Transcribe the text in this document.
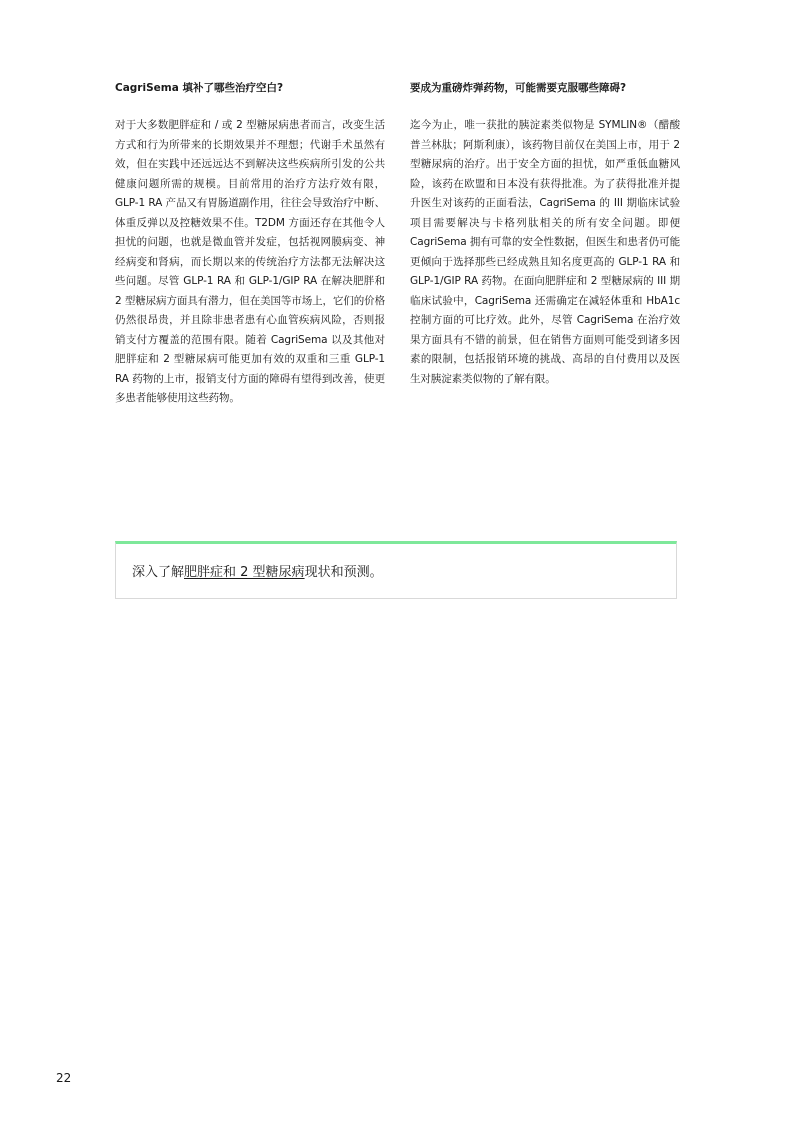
CagriSema 填补了哪些治疗空白?

对于大多数肥胖症和 / 或 2 型糖尿病患者而言，改变生活方式和行为所带来的长期效果并不理想；代谢手术虽然有效，但在实践中还远远达不到解决这些疾病所引发的公共健康问题所需的规模。目前常用的治疗方法疗效有限，GLP-1 RA 产品又有胃肠道副作用，往往会导致治疗中断、体重反弹以及控糖效果不佳。T2DM 方面还存在其他令人担忧的问题，也就是微血管并发症，包括视网膜病变、神经病变和肾病，而长期以来的传统治疗方法都无法解决这些问题。尽管 GLP-1 RA 和 GLP-1/GIP RA 在解决肥胖和 2 型糖尿病方面具有潜力，但在美国等市场上，它们的价格仍然很昂贵，并且除非患者患有心血管疾病风险，否则报销支付方覆盖的范围有限。随着 CagriSema 以及其他对肥胖症和 2 型糖尿病可能更加有效的双重和三重 GLP-1 RA 药物的上市，报销支付方面的障碍有望得到改善，使更多患者能够使用这些药物。

要成为重磅炸弹药物，可能需要克服哪些障碍?

迄今为止，唯一获批的胰淀素类似物是 SYMLIN®（醋酸普兰林肽；阿斯利康），该药物目前仅在美国上市，用于 2 型糖尿病的治疗。出于安全方面的担忧，如严重低血糖风险，该药在欧盟和日本没有获得批准。为了获得批准并提升医生对该药的正面看法，CagriSema 的 III 期临床试验项目需要解决与卡格列肽相关的所有安全问题。即便 CagriSema 拥有可靠的安全性数据，但医生和患者仍可能更倾向于选择那些已经成熟且知名度更高的 GLP-1 RA 和 GLP-1/GIP RA 药物。在面向肥胖症和 2 型糖尿病的 III 期临床试验中，CagriSema 还需确定在减轻体重和 HbA1c 控制方面的可比疗效。此外，尽管 CagriSema 在治疗效果方面具有不错的前景，但在销售方面则可能受到诸多因素的限制，包括报销环境的挑战、高昂的自付费用以及医生对胰淀素类似物的了解有限。

深入了解肥胖症和 2 型糖尿病现状和预测。
22
